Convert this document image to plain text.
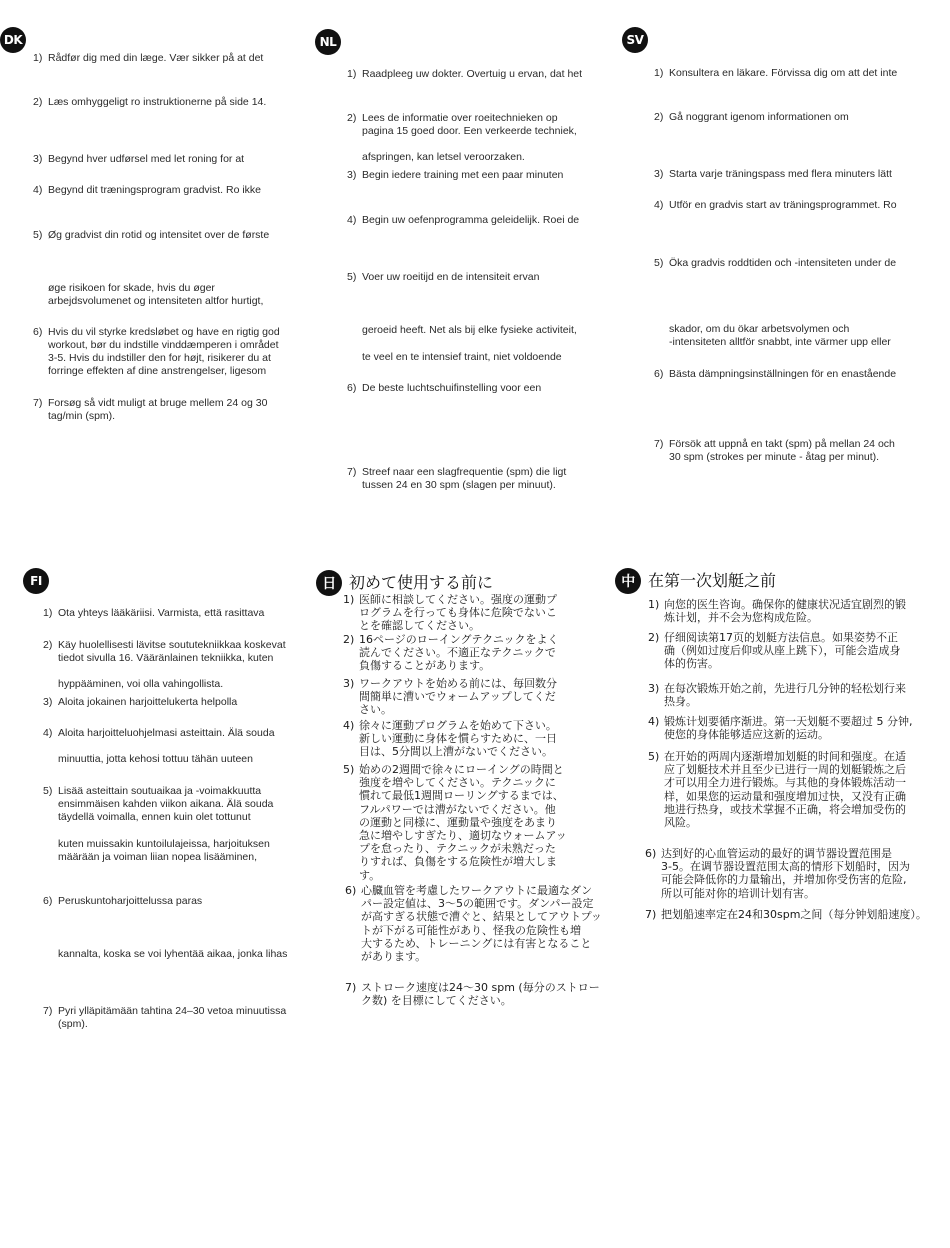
DK
1) Rådfør dig med din læge. Vær sikker på at det
2) Læs omhyggeligt ro instruktionerne på side 14.
3) Begynd hver udførsel med let roning for at
4) Begynd dit træningsprogram gradvist. Ro ikke
5) Øg gradvist din rotid og intensitet over de første
øge risikoen for skade, hvis du øger
arbejdsvolumenet og intensiteten altfor hurtigt,
6) Hvis du vil styrke kredsløbet og have en rigtig god
workout, bør du indstille vinddæmperen i området
3-5. Hvis du indstiller den for højt, risikerer du at
forringe effekten af dine anstrengelser, ligesom
7) Forsøg så vidt muligt at bruge mellem 24 og 30
tag/min (spm).
NL
1) Raadpleeg uw dokter. Overtuig u ervan, dat het
2) Lees de informatie over roeitechnieken op
pagina 15 goed door. Een verkeerde techniek,
afspringen, kan letsel veroorzaken.
3) Begin iedere training met een paar minuten
4) Begin uw oefenprogramma geleidelijk. Roei de
5) Voer uw roeitijd en de intensiteit ervan
geroeid heeft. Net als bij elke fysieke activiteit,
te veel en te intensief traint, niet voldoende
6) De beste luchtschuifinstelling voor een
7) Streef naar een slagfrequentie (spm) die ligt
tussen 24 en 30 spm (slagen per minuut).
SV
1) Konsultera en läkare. Förvissa dig om att det inte
2) Gå noggrant igenom informationen om
3) Starta varje träningspass med flera minuters lätt
4) Utför en gradvis start av träningsprogrammet. Ro
5) Öka gradvis roddtiden och -intensiteten under de
skador, om du ökar arbetsvolymen och
-intensiteten alltför snabbt, inte värmer upp eller
6) Bästa dämpningsinställningen för en enastående
7) Försök att uppnå en takt (spm) på mellan 24 och
30 spm (strokes per minute - åtag per minut).
FI
1) Ota yhteys lääkäriisi. Varmista, että rasittava
2) Käy huolellisesti lävitse soututekniikkaa koskevat
tiedot sivulla 16. Vääränlainen tekniikka, kuten
hyppääminen, voi olla vahingollista.
3) Aloita jokainen harjoittelukerta helpolla
4) Aloita harjoitteluohjelmasi asteittain. Älä souda
minuuttia, jotta kehosi tottuu tähän uuteen
5) Lisää asteittain soutuaikaa ja -voimakkuutta
ensimmäisen kahden viikon aikana. Älä souda
täydellä voimalla, ennen kuin olet tottunut
kuten muissakin kuntoilulajeissa, harjoituksen
määrään ja voiman liian nopea lisääminen,
6) Peruskuntoharjoittelussa paras
kannalta, koska se voi lyhentää aikaa, jonka lihas
7) Pyri ylläpitämään tahtina 24–30 vetoa minuutissa
(spm).
日 初めて使用する前に
1) 医師に相談してください。强度の運動プ
ログラムを行っても身体に危険でないこ
とを確認してください。
2) 16ページのローイングテクニックをよく
読んでください。不適正なテクニックで
負傷することがあります。
3) ワークアウトを始める前には、毎回数分
間簡単に漕いでウォームアップしてくだ
さい。
4) 徐々に運動プログラムを始めて下さい。
新しい運動に身体を慣らすために、一日
目は、5分間以上漕がないでください。
5) 始めの2週間で徐々にローイングの時間と
強度を増やしてください。テクニックに
慣れて最低1週間ローリングするまでは、
フルパワーでは漕がないでください。他
の運動と同様に、運動量や強度をあまり
急に増やしすぎたり、適切なウォームアッ
プを怠ったり、テクニックが未熟だった
りすれば、負傷をする危険性が増大しま
す。
6) 心臓血管を考慮したワークアウトに最適なダン
パー設定値は、3～5の範囲です。ダンパー設定
が高すぎる状態で漕ぐと、結果としてアウトプッ
トが下がる可能性があり、怪我の危険性も増
大するため、トレーニングには有害となること
があります。
7) ストローク速度は24～30 spm (毎分のストロー
ク数) を目標にしてください。
中 在第一次划艇之前
1) 向您的医生咨询。确保你的健康状况适宜剧烈的锻
炼计划，并不会为您构成危险。
2) 仔细阅读第17页的划艇方法信息。如果姿势不正
确（例如过度后仰或从座上跳下），可能会造成身
体的伤害。
3) 在每次锻炼开始之前，先进行几分钟的轻松划行来
热身。
4) 锻炼计划要循序渐进。第一天划艇不要超过 5 分钟,
使您的身体能够适应这新的运动。
5) 在开始的两周内逐渐增加划艇的时间和强度。在适
应了划艇技术并且至少已进行一周的划艇锻炼之后
才可以用全力进行锻炼。与其他的身体锻炼活动一
样，如果您的运动量和强度增加过快，又没有正确
地进行热身，或技术掌握不正确，将会增加受伤的
风险。
6) 达到好的心血管运动的最好的调节器设置范围是
3-5。在调节器设置范围太高的情形下划船时，因为
可能会降低你的力量输出，并增加你受伤害的危险,
所以可能对你的培训计划有害。
7) 把划船速率定在24和30spm之间（每分钟划船速度）。
